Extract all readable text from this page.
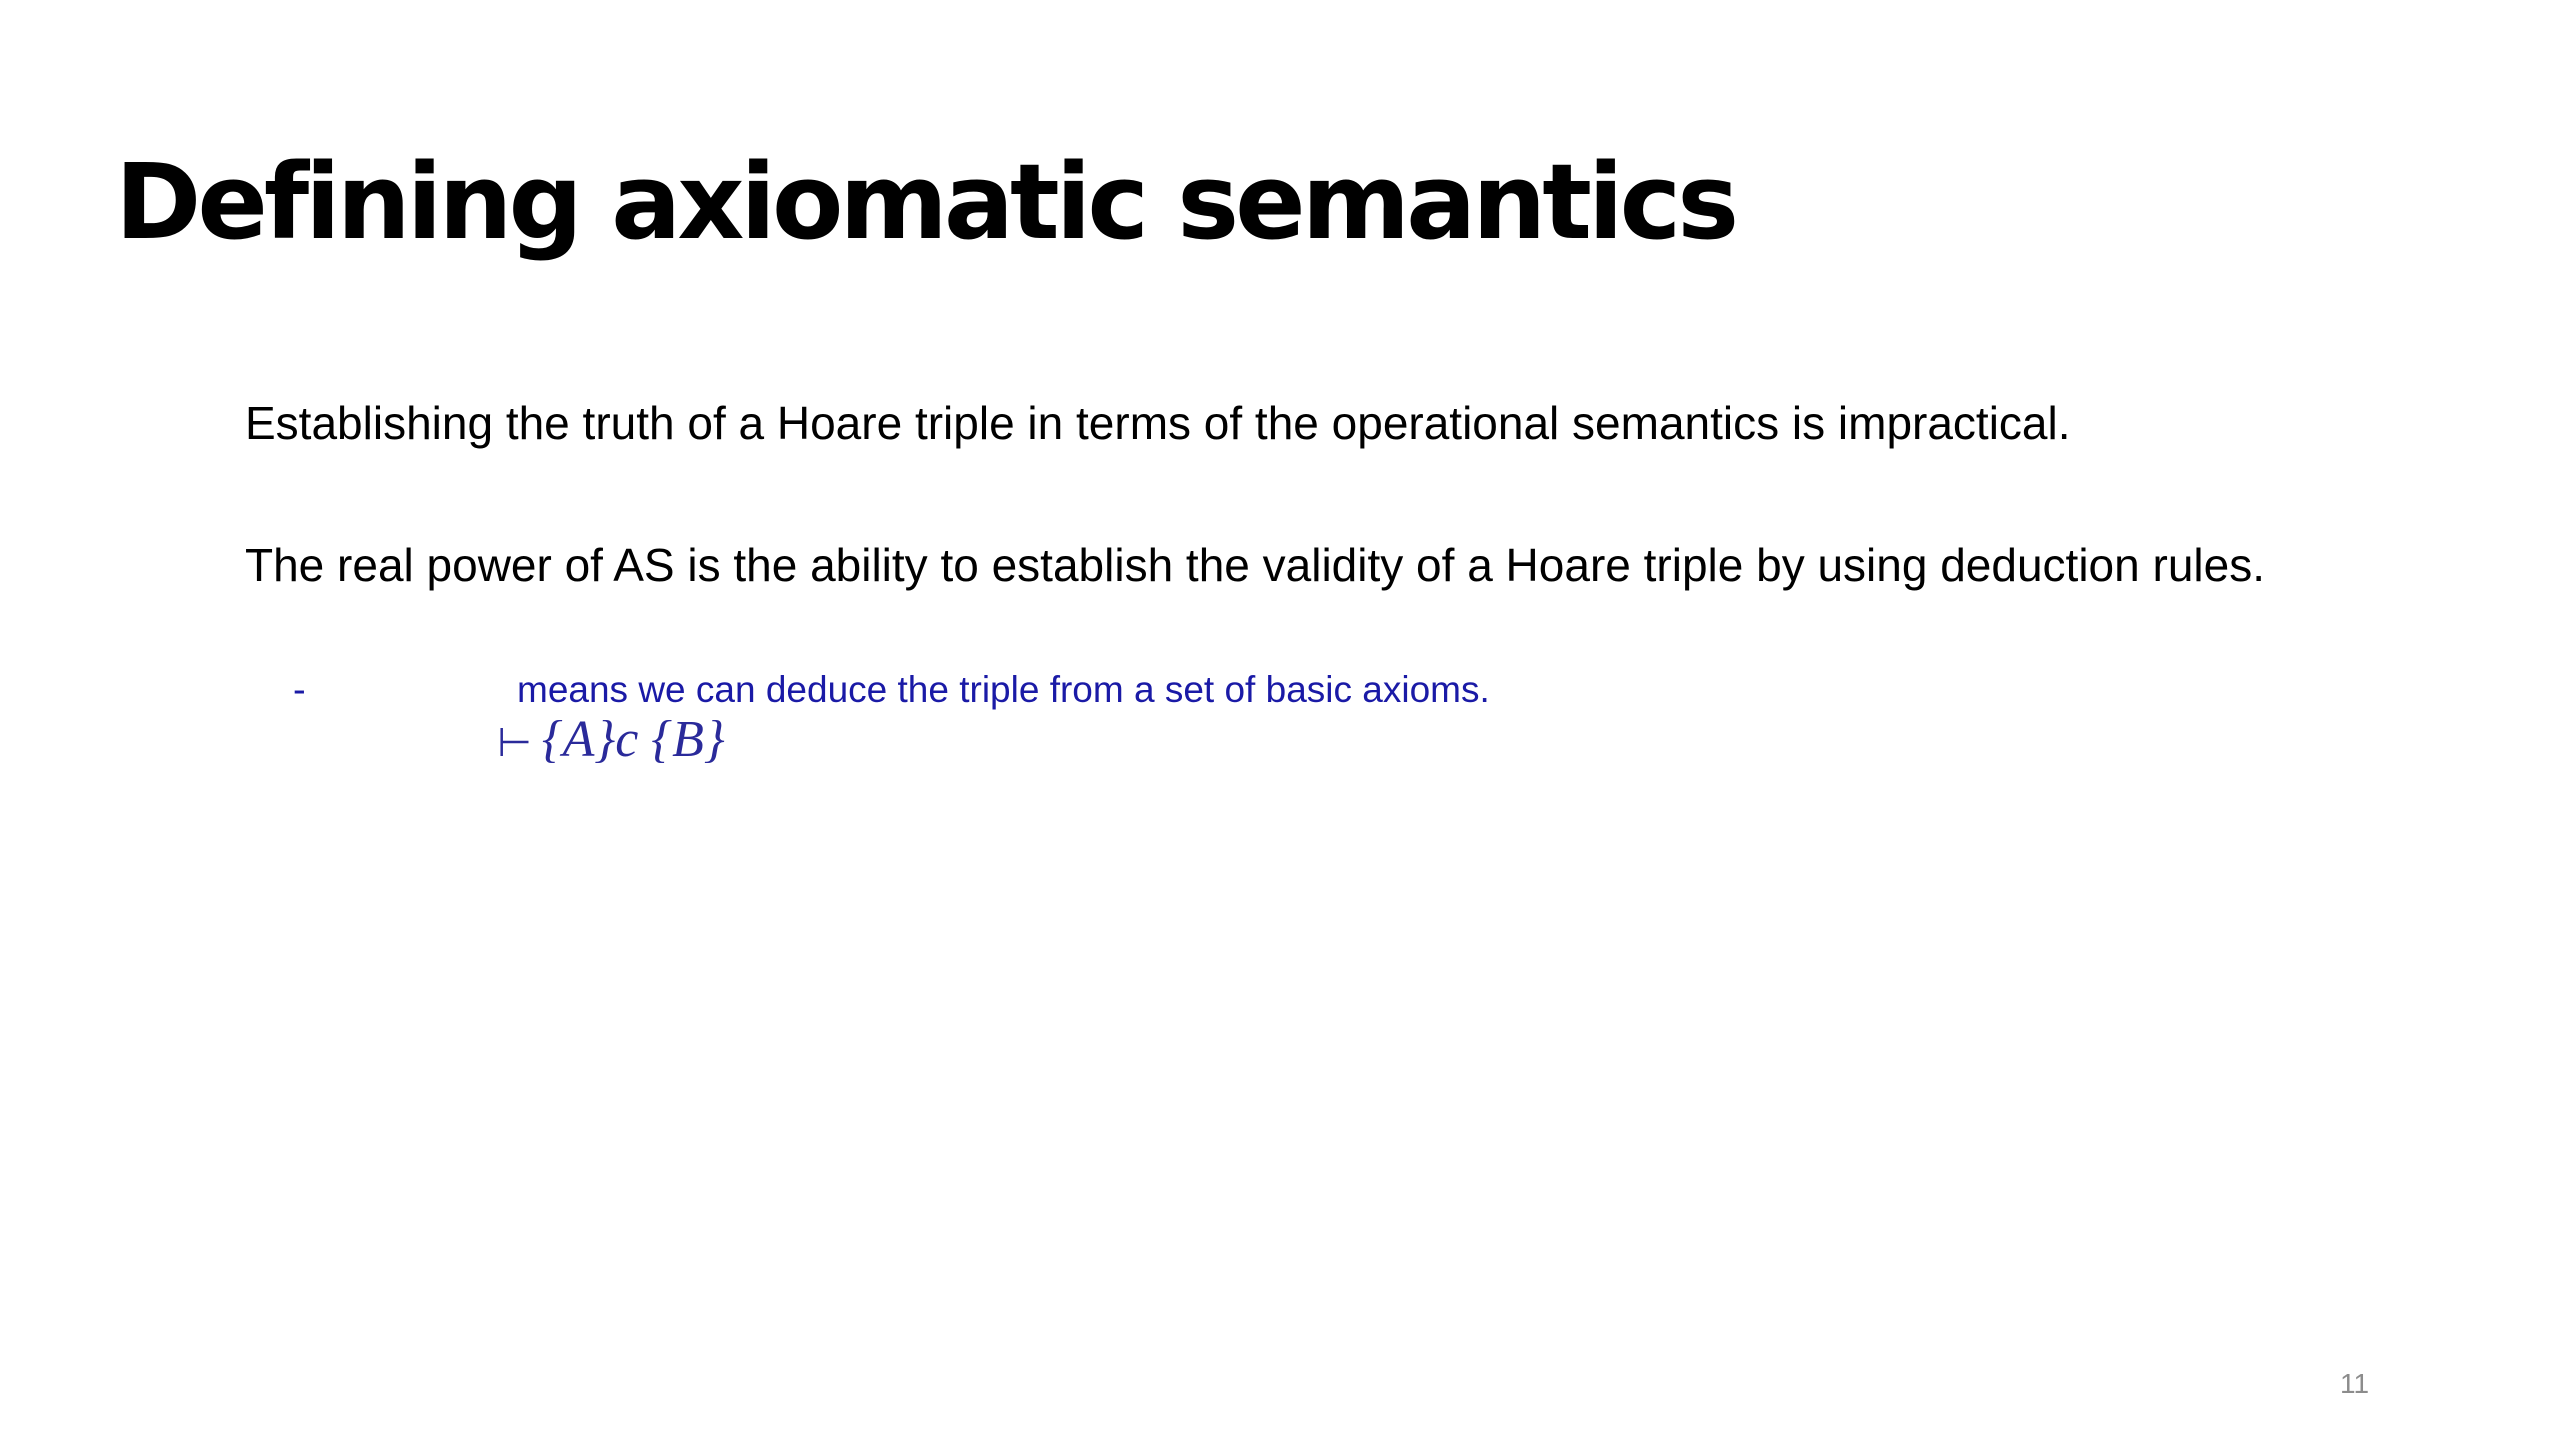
Defining axiomatic semantics

Establishing the truth of a Hoare triple in terms of the operational semantics is impractical.

The real power of AS is the ability to establish the validity of a Hoare triple by using deduction rules.

-	means we can deduce the triple from a set of basic axioms.

⊢ {A}c {B}
11
